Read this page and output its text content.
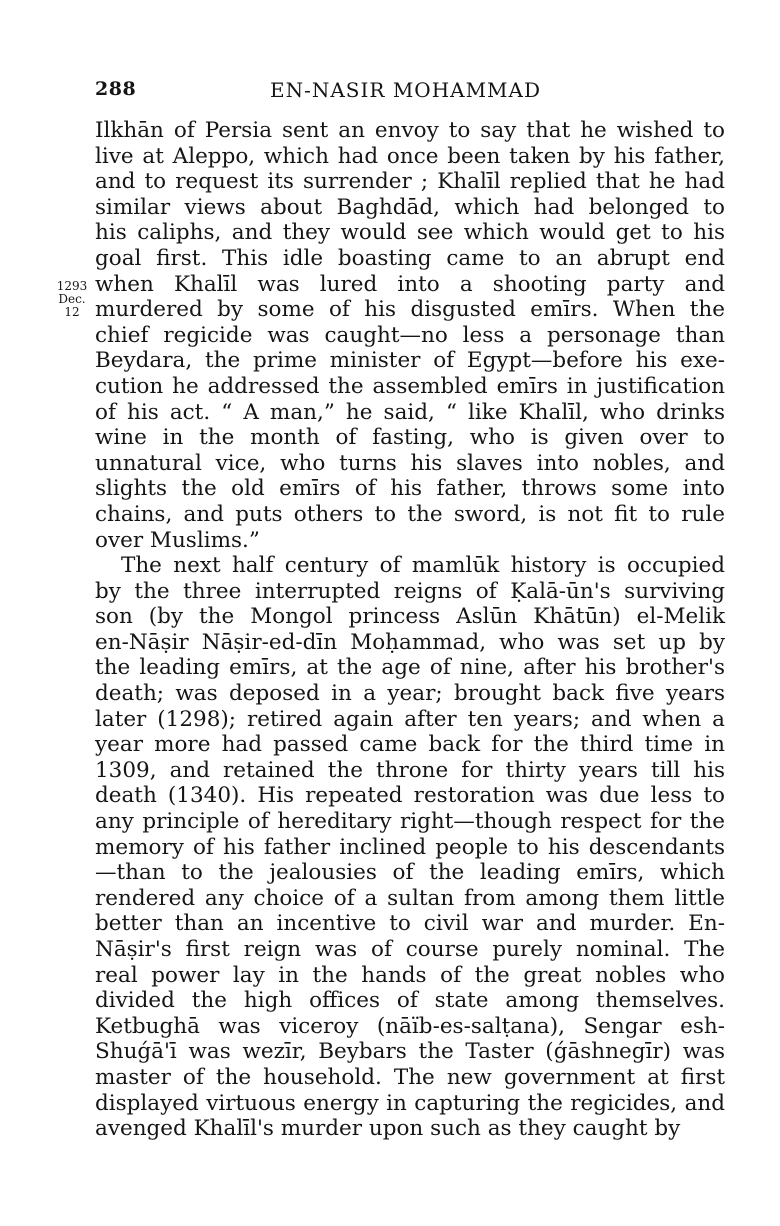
288	EN-NASIR MOHAMMAD
1293
Dec.
12
Ilkhān of Persia sent an envoy to say that he wished to
live at Aleppo, which had once been taken by his father,
and to request its surrender ; Khalīl replied that he had
similar views about Baghdād, which had belonged to
his caliphs, and they would see which would get to his
goal first. This idle boasting came to an abrupt end
when Khalīl was lured into a shooting party and
murdered by some of his disgusted emīrs. When the
chief regicide was caught—no less a personage than
Beydara, the prime minister of Egypt—before his exe-
cution he addressed the assembled emīrs in justification
of his act. “ A man,” he said, “ like Khalīl, who drinks
wine in the month of fasting, who is given over to
unnatural vice, who turns his slaves into nobles, and
slights the old emīrs of his father, throws some into
chains, and puts others to the sword, is not fit to rule
over Muslims.”
The next half century of mamlūk history is occupied
by the three interrupted reigns of Ḳalā-ūn's surviving
son (by the Mongol princess Aslūn Khātūn) el-Melik
en-Nāṣir Nāṣir-ed-dīn Moḥammad, who was set up by
the leading emīrs, at the age of nine, after his brother's
death; was deposed in a year; brought back five years
later (1298); retired again after ten years; and when a
year more had passed came back for the third time in
1309, and retained the throne for thirty years till his
death (1340). His repeated restoration was due less to
any principle of hereditary right—though respect for the
memory of his father inclined people to his descendants
—than to the jealousies of the leading emīrs, which
rendered any choice of a sultan from among them little
better than an incentive to civil war and murder. En-
Nāṣir's first reign was of course purely nominal. The
real power lay in the hands of the great nobles who
divided the high offices of state among themselves.
Ketbughā was viceroy (nāïb-es-salṭana), Sengar esh-
Shuǵā'ī was wezīr, Beybars the Taster (ǵāshnegīr) was
master of the household. The new government at first
displayed virtuous energy in capturing the regicides, and
avenged Khalīl's murder upon such as they caught by
